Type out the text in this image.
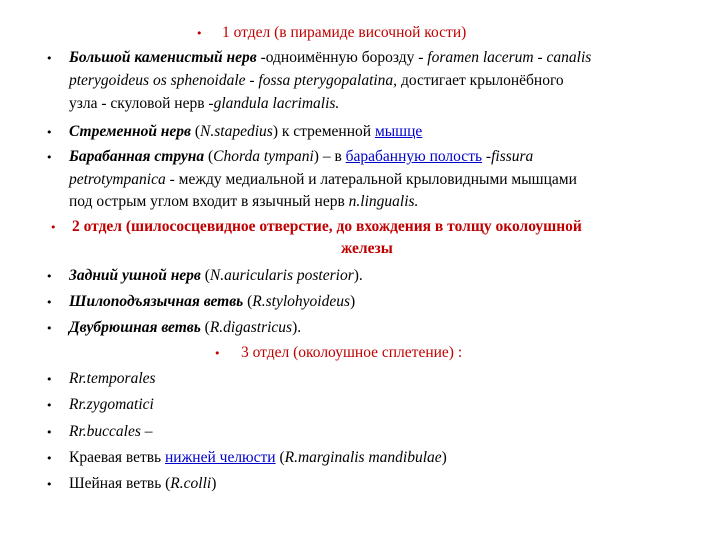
• 1 отдел (в пирамиде височной кости)
• Большой каменистый нерв -одноимённую борозду - foramen lacerum - canalis
pterygoideus os sphenoidale - fossa pterygopalatina, достигает крылонёбного
узла - скуловой нерв -glandula lacrimalis.
• Стременной нерв (N.stapedius) к стременной мышце
• Барабанная струна (Chorda tympani) – в барабанную полость -fissura
petrotympanica - между медиальной и латеральной крыловидными мышцами
под острым углом входит в язычный нерв n.lingualis.
• 2 отдел (шилососцевидное отверстие, до вхождения в толщу околоушной
железы
• Задний ушной нерв (N.auricularis posterior).
• Шилоподъязычная ветвь (R.stylohyoideus)
• Двубрюшная ветвь (R.digastricus).
• 3 отдел (околоушное сплетение) :
• Rr.temporales
• Rr.zygomatici
• Rr.buccales –
• Краевая ветвь нижней челюсти (R.marginalis mandibulae)
• Шейная ветвь (R.colli)
